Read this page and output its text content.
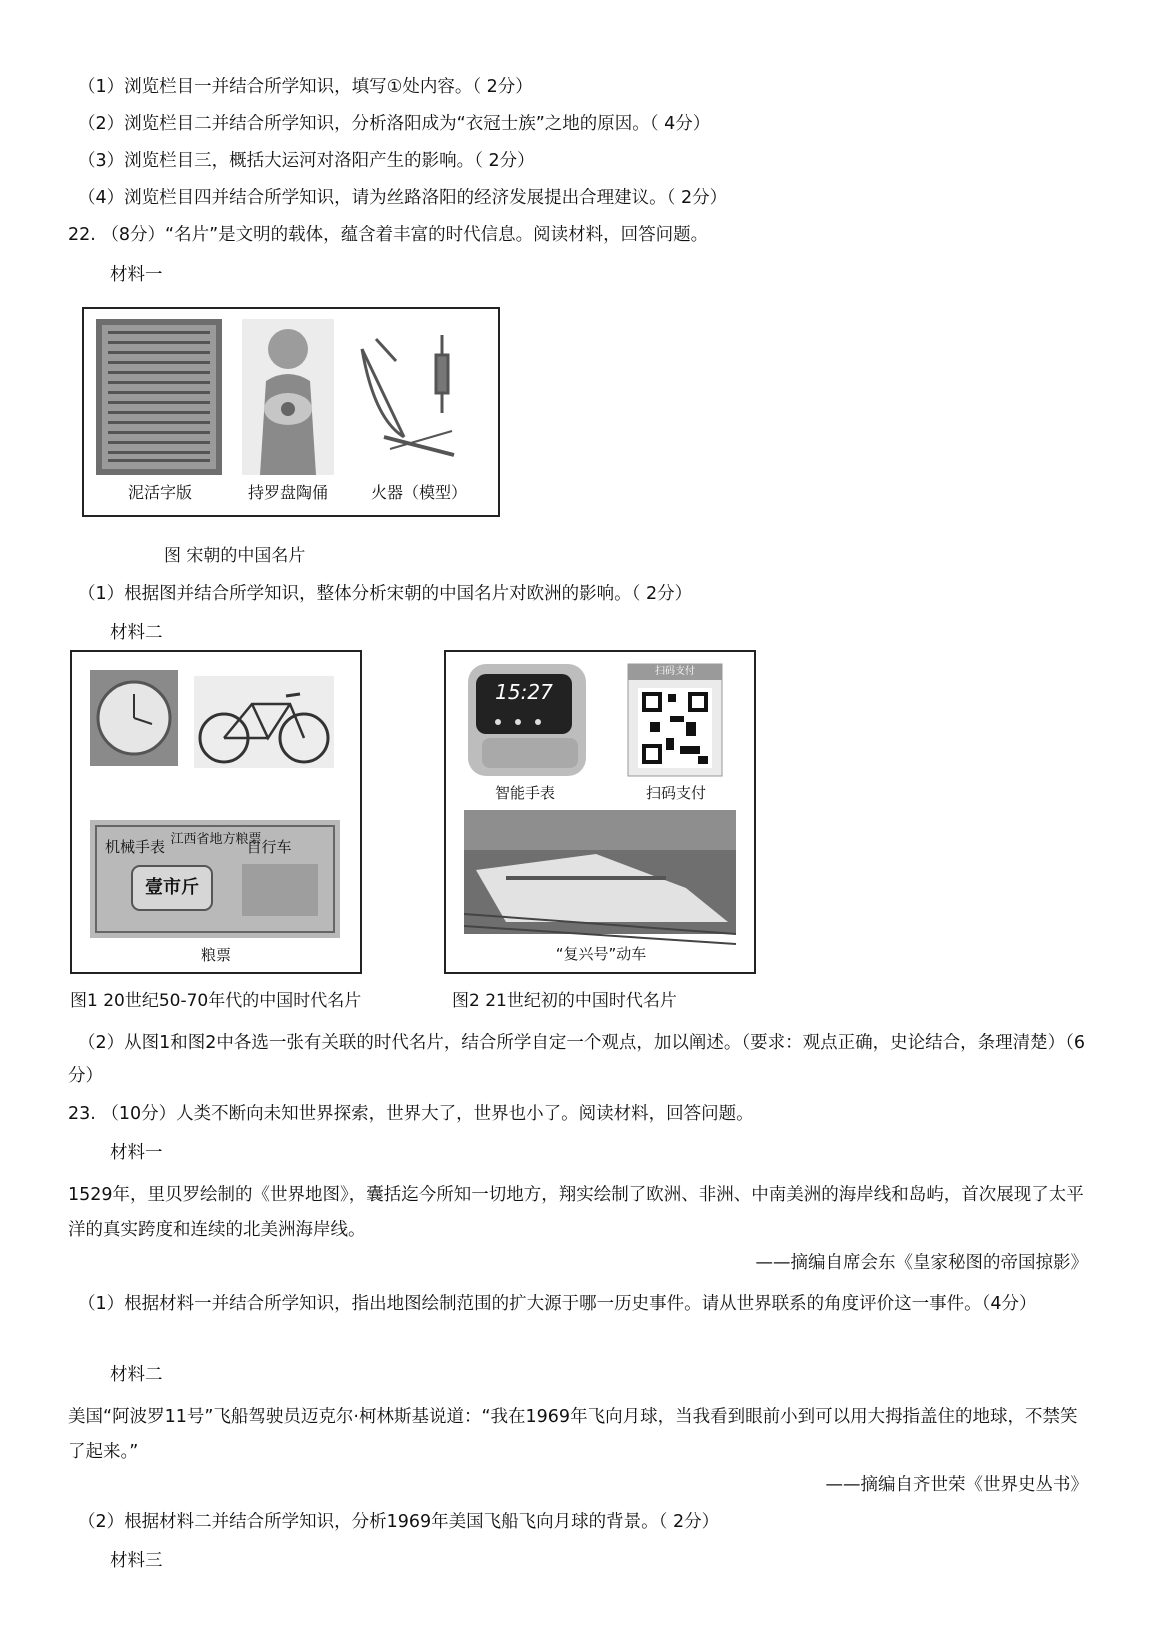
（1）浏览栏目一并结合所学知识，填写①处内容。（ 2分）
（2）浏览栏目二并结合所学知识，分析洛阳成为“衣冠士族”之地的原因。（ 4分）
（3）浏览栏目三，概括大运河对洛阳产生的影响。（ 2分）
（4）浏览栏目四并结合所学知识，请为丝路洛阳的经济发展提出合理建议。（ 2分）
22. （8分）“名片”是文明的载体，蕴含着丰富的时代信息。阅读材料，回答问题。
材料一
泥活字版	持罗盘陶俑	火器（模型）
图 宋朝的中国名片
（1）根据图并结合所学知识，整体分析宋朝的中国名片对欧洲的影响。（ 2分）
材料二
机械手表	自行车
江西省地方粮票
壹市斤
粮票
15:27
扫码支付
智能手表	扫码支付
“复兴号”动车
图1 20世纪50-70年代的中国时代名片	图2 21世纪初的中国时代名片
（2）从图1和图2中各选一张有关联的时代名片，结合所学自定一个观点，加以阐述。（要求：观点正确，史论结合，条理清楚）（6分）
23. （10分）人类不断向未知世界探索，世界大了，世界也小了。阅读材料，回答问题。
材料一
1529年，里贝罗绘制的《世界地图》，囊括迄今所知一切地方，翔实绘制了欧洲、非洲、中南美洲的海岸线和岛屿，首次展现了太平洋的真实跨度和连续的北美洲海岸线。
——摘编自席会东《皇家秘图的帝国掠影》
（1）根据材料一并结合所学知识，指出地图绘制范围的扩大源于哪一历史事件。请从世界联系的角度评价这一事件。（4分）
材料二
美国“阿波罗11号”飞船驾驶员迈克尔·柯林斯基说道：“我在1969年飞向月球，当我看到眼前小到可以用大拇指盖住的地球，不禁笑了起来。”
——摘编自齐世荣《世界史丛书》
（2）根据材料二并结合所学知识，分析1969年美国飞船飞向月球的背景。（ 2分）
材料三
